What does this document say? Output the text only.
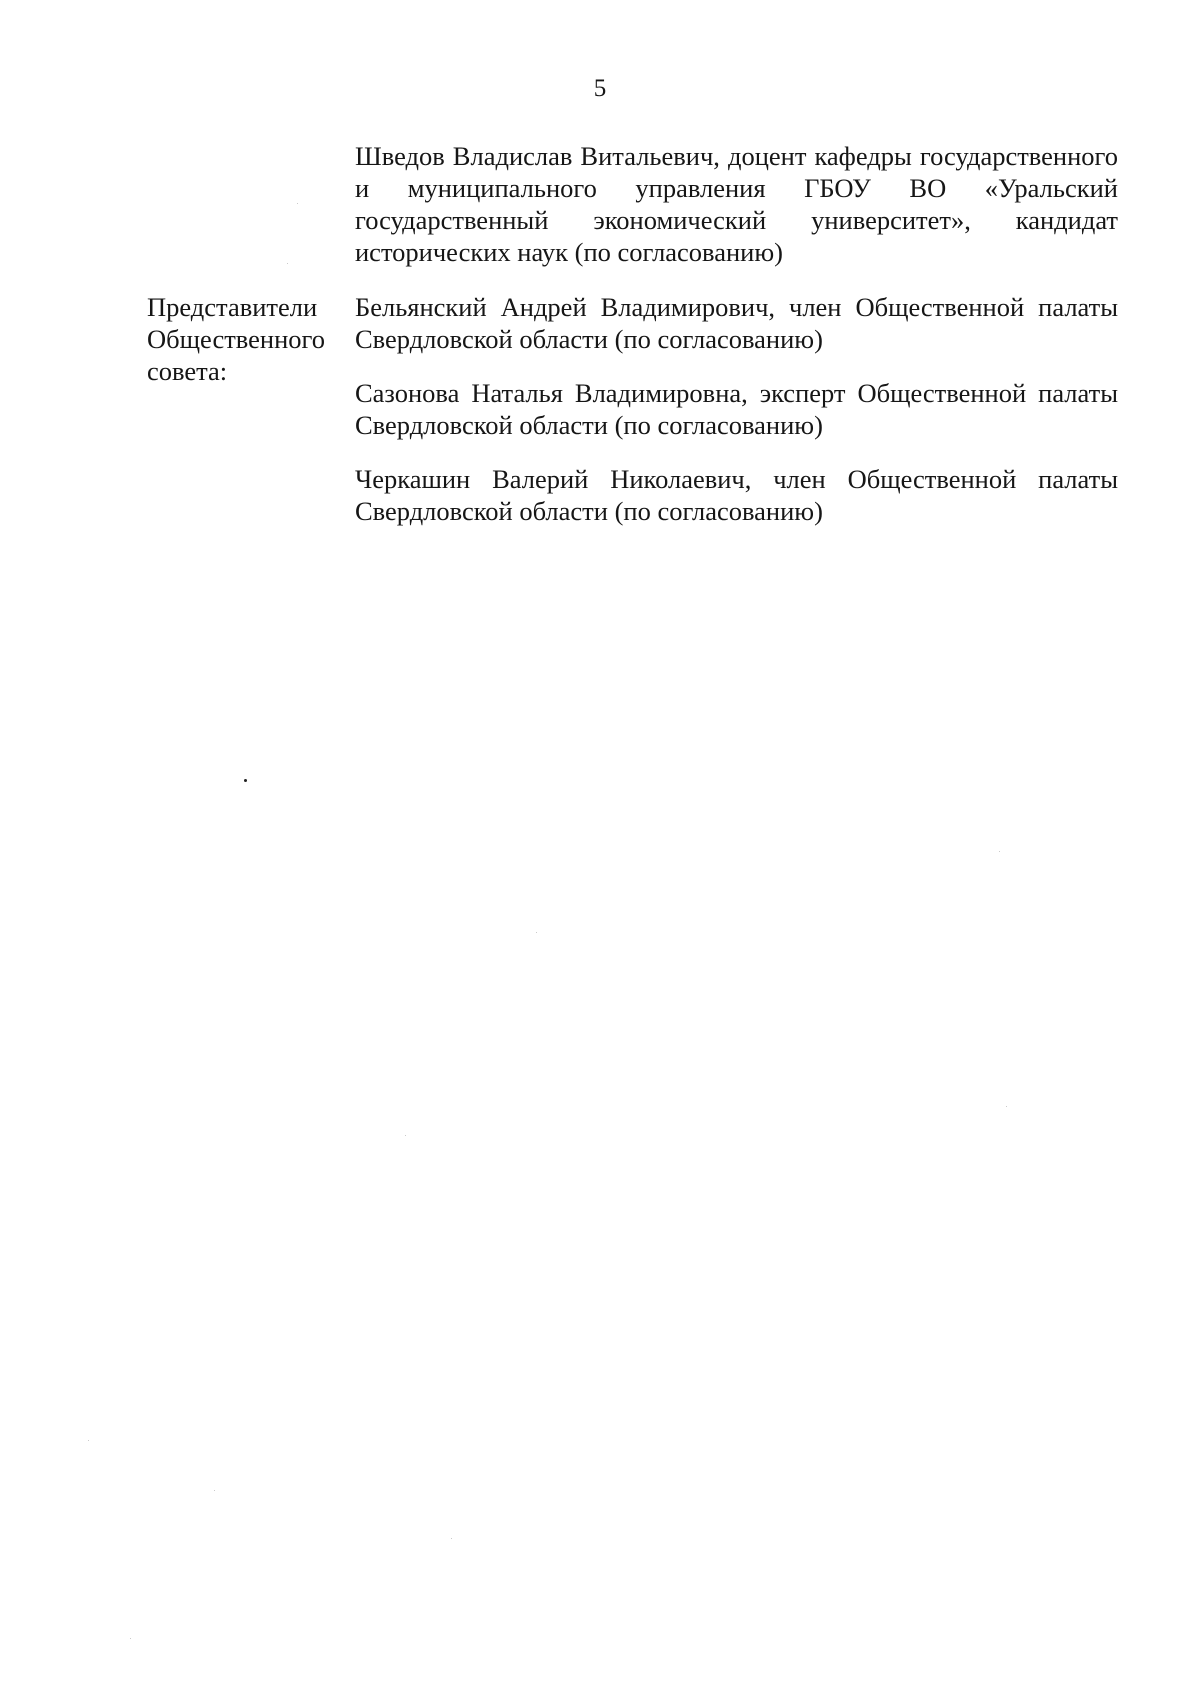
5
Шведов Владислав Витальевич, доцент кафедры государственного и муниципального управления ГБОУ ВО «Уральский государственный экономический университет», кандидат исторических наук (по согласованию)
Представители
Общественного
совета:
Бельянский Андрей Владимирович, член Общественной палаты Свердловской области (по согласованию)
Сазонова Наталья Владимировна, эксперт Общественной палаты Свердловской области (по согласованию)
Черкашин Валерий Николаевич, член Общественной палаты Свердловской области (по согласованию)
